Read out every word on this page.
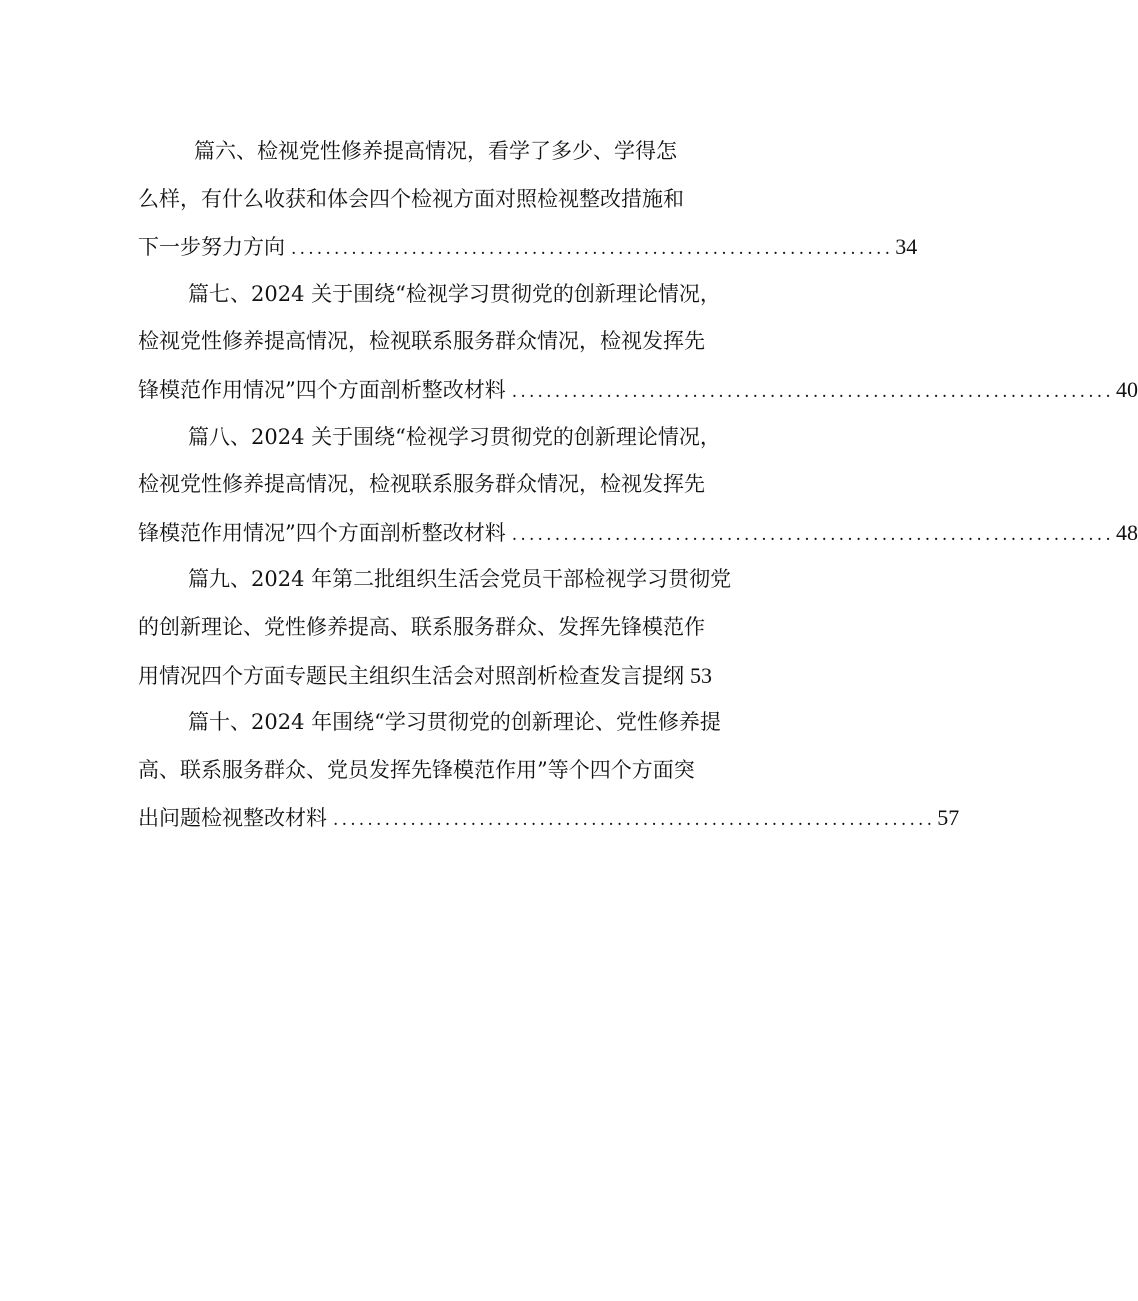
篇六、检视党性修养提高情况，看学了多少、学得怎
么样，有什么收获和体会四个检视方面对照检视整改措施和
下一步努力方向 ...................................................................... 34
篇七、2024 关于围绕“检视学习贯彻党的创新理论情况，
检视党性修养提高情况，检视联系服务群众情况，检视发挥先
锋模范作用情况”四个方面剖析整改材料 ...................................................................... 40
篇八、2024 关于围绕“检视学习贯彻党的创新理论情况，
检视党性修养提高情况，检视联系服务群众情况，检视发挥先
锋模范作用情况”四个方面剖析整改材料 ...................................................................... 48
篇九、2024 年第二批组织生活会党员干部检视学习贯彻党
的创新理论、党性修养提高、联系服务群众、发挥先锋模范作
用情况四个方面专题民主组织生活会对照剖析检查发言提纲 53
篇十、2024 年围绕“学习贯彻党的创新理论、党性修养提
高、联系服务群众、党员发挥先锋模范作用”等个四个方面突
出问题检视整改材料 ...................................................................... 57
